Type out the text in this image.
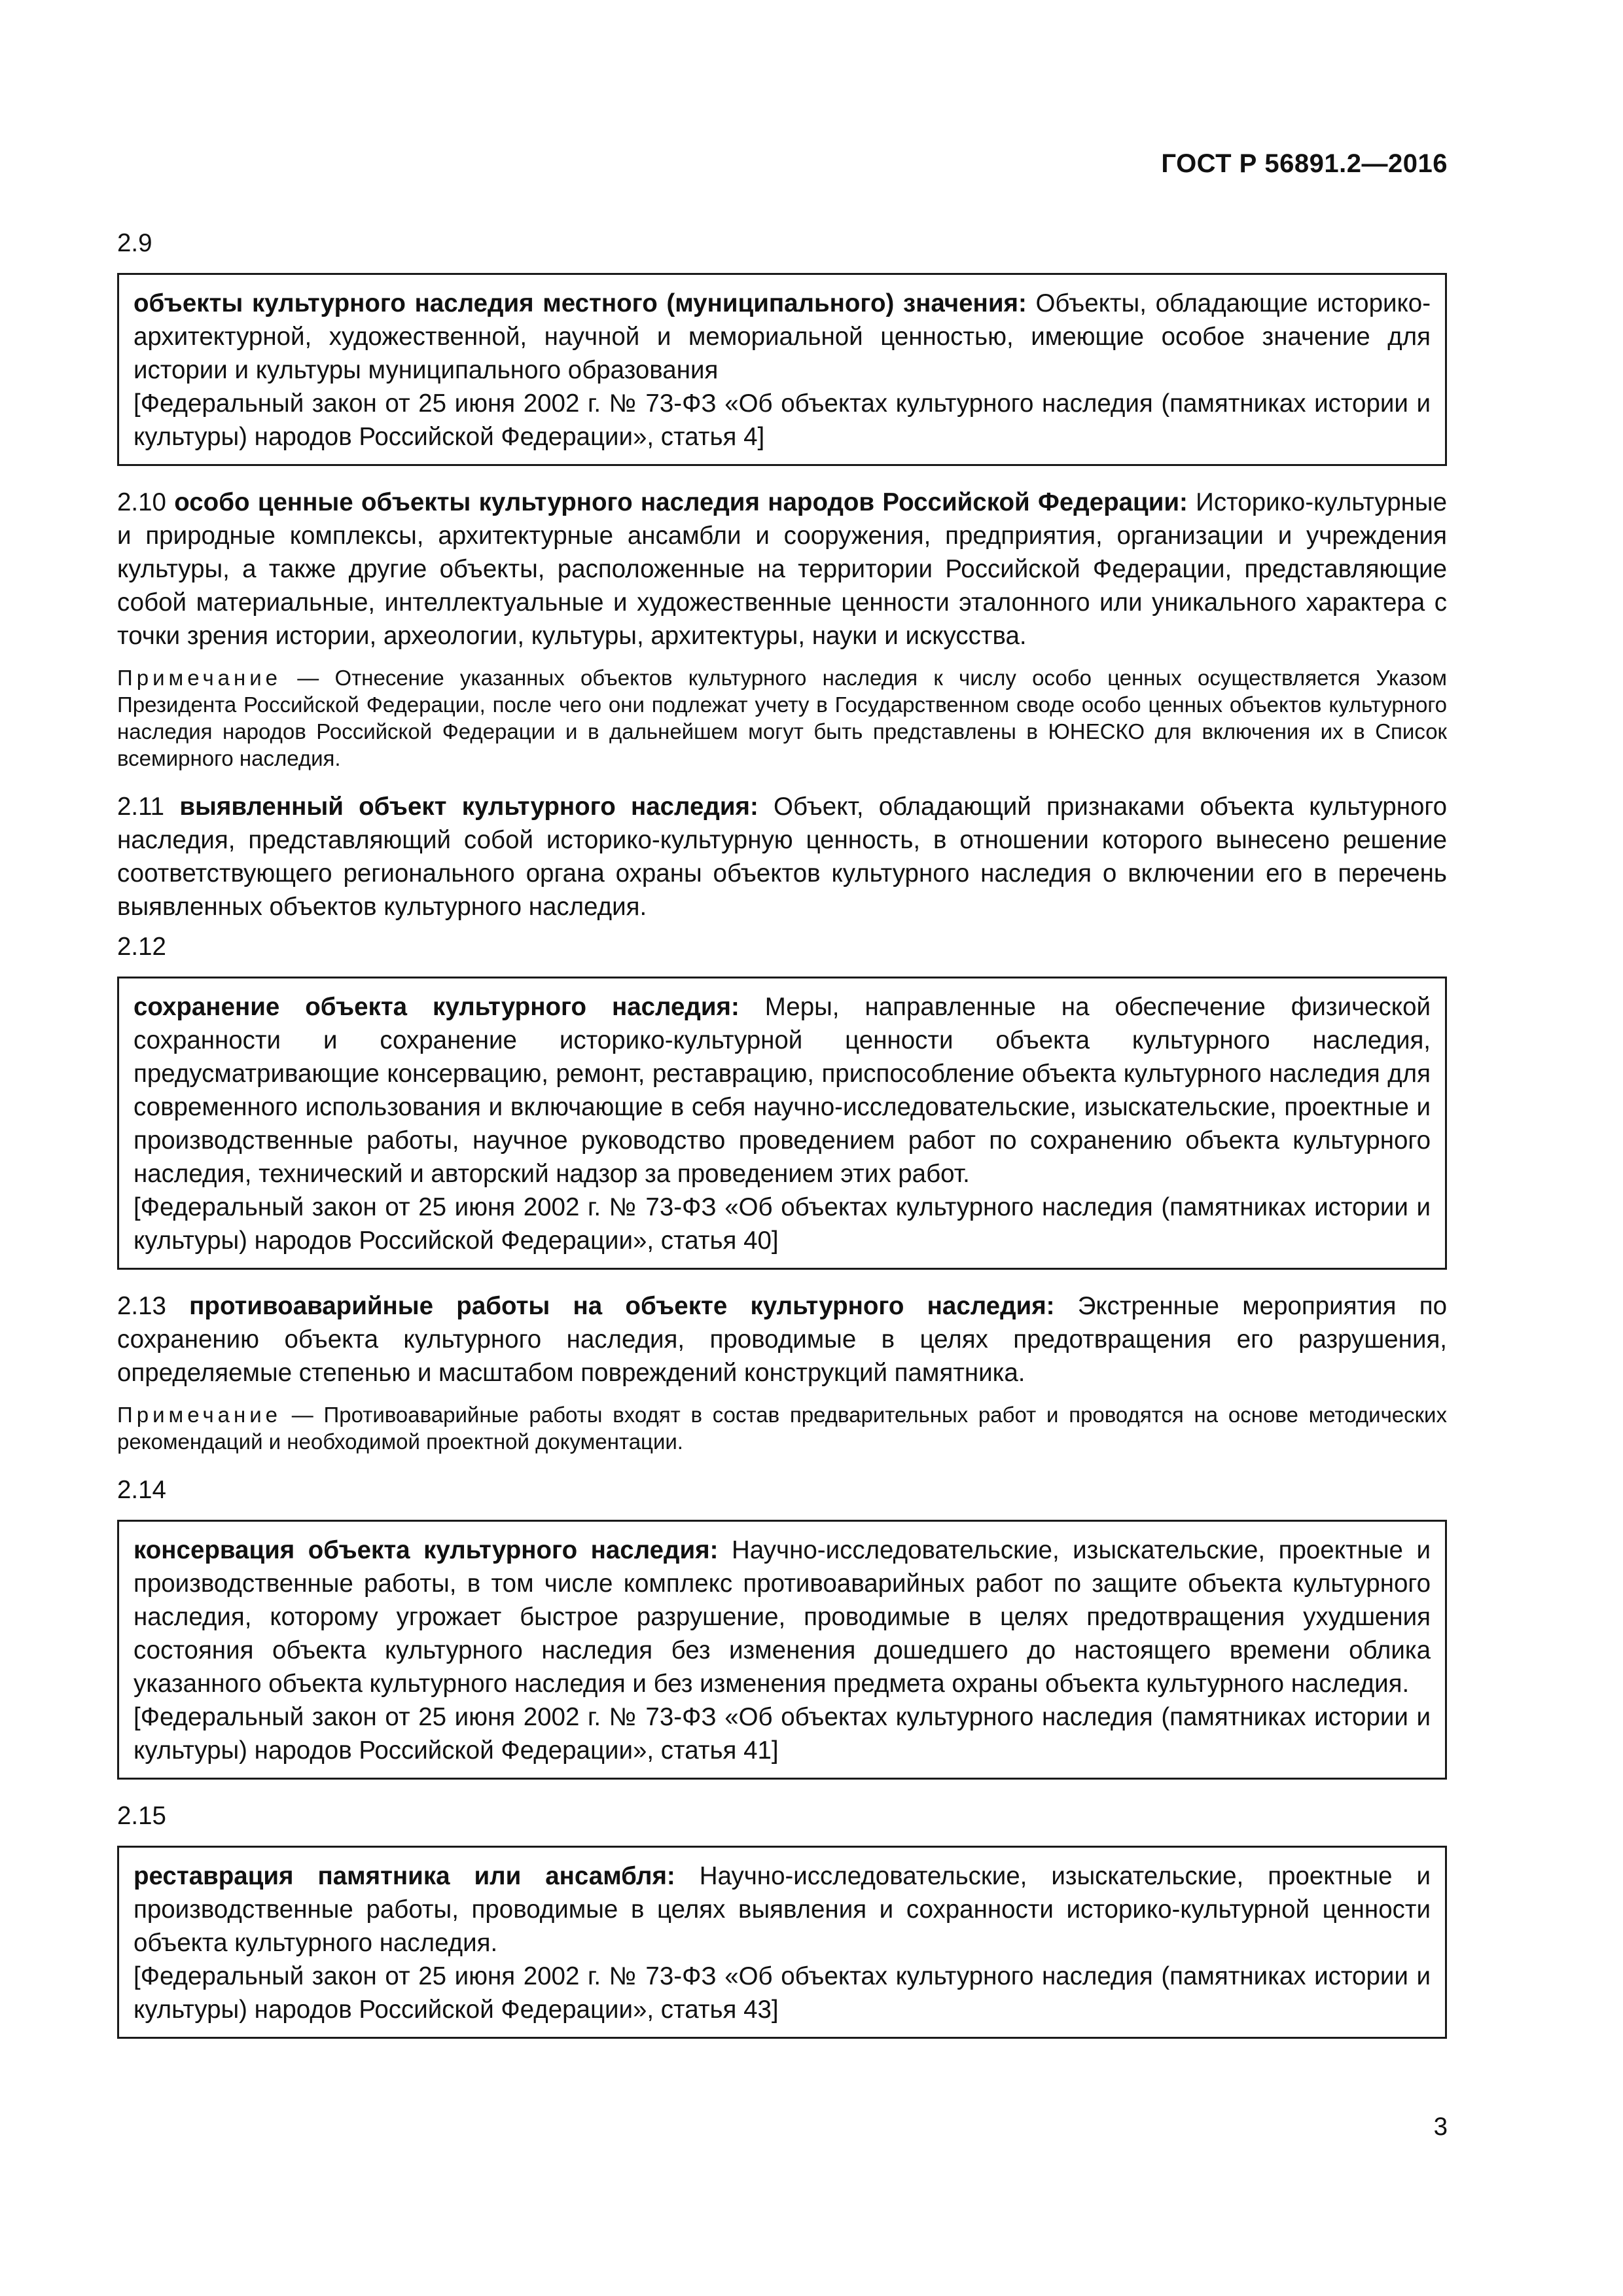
ГОСТ Р 56891.2—2016
2.9

объекты культурного наследия местного (муниципального) значения: Объекты, обладающие историко-архитектурной, художественной, научной и мемориальной ценностью, имеющие особое значение для истории и культуры муниципального образования

[Федеральный закон от 25 июня 2002 г. № 73-ФЗ «Об объектах культурного наследия (памятниках истории и культуры) народов Российской Федерации», статья 4]

2.10 особо ценные объекты культурного наследия народов Российской Федерации: Историко-культурные и природные комплексы, архитектурные ансамбли и сооружения, предприятия, организации и учреждения культуры, а также другие объекты, расположенные на территории Российской Федерации, представляющие собой материальные, интеллектуальные и художественные ценности эталонного или уникального характера с точки зрения истории, археологии, культуры, архитектуры, науки и искусства.

Примечание — Отнесение указанных объектов культурного наследия к числу особо ценных осуществляется Указом Президента Российской Федерации, после чего они подлежат учету в Государственном своде особо ценных объектов культурного наследия народов Российской Федерации и в дальнейшем могут быть представлены в ЮНЕСКО для включения их в Список всемирного наследия.

2.11 выявленный объект культурного наследия: Объект, обладающий признаками объекта культурного наследия, представляющий собой историко-культурную ценность, в отношении которого вынесено решение соответствующего регионального органа охраны объектов культурного наследия о включении его в перечень выявленных объектов культурного наследия.

2.12

сохранение объекта культурного наследия: Меры, направленные на обеспечение физической сохранности и сохранение историко-культурной ценности объекта культурного наследия, предусматривающие консервацию, ремонт, реставрацию, приспособление объекта культурного наследия для современного использования и включающие в себя научно-исследовательские, изыскательские, проектные и производственные работы, научное руководство проведением работ по сохранению объекта культурного наследия, технический и авторский надзор за проведением этих работ.

[Федеральный закон от 25 июня 2002 г. № 73-ФЗ «Об объектах культурного наследия (памятниках истории и культуры) народов Российской Федерации», статья 40]

2.13 противоаварийные работы на объекте культурного наследия: Экстренные мероприятия по сохранению объекта культурного наследия, проводимые в целях предотвращения его разрушения, определяемые степенью и масштабом повреждений конструкций памятника.

Примечание — Противоаварийные работы входят в состав предварительных работ и проводятся на основе методических рекомендаций и необходимой проектной документации.
2.14

консервация объекта культурного наследия: Научно-исследовательские, изыскательские, проектные и производственные работы, в том числе комплекс противоаварийных работ по защите объекта культурного наследия, которому угрожает быстрое разрушение, проводимые в целях предотвращения ухудшения состояния объекта культурного наследия без изменения дошедшего до настоящего времени облика указанного объекта культурного наследия и без изменения предмета охраны объекта культурного наследия.

[Федеральный закон от 25 июня 2002 г. № 73-ФЗ «Об объектах культурного наследия (памятниках истории и культуры) народов Российской Федерации», статья 41]

2.15

реставрация памятника или ансамбля: Научно-исследовательские, изыскательские, проектные и производственные работы, проводимые в целях выявления и сохранности историко-культурной ценности объекта культурного наследия.

[Федеральный закон от 25 июня 2002 г. № 73-ФЗ «Об объектах культурного наследия (памятниках истории и культуры) народов Российской Федерации», статья 43]

3
